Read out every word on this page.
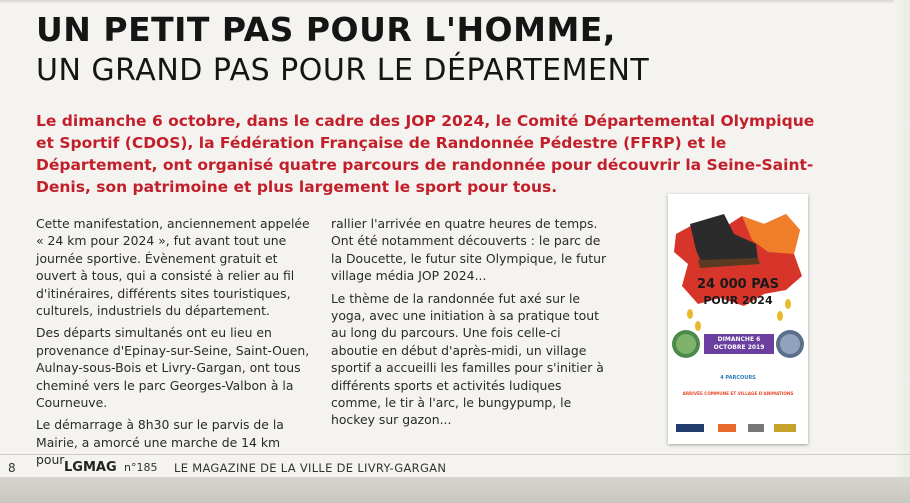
UN PETIT PAS POUR L'HOMME,
UN GRAND PAS POUR LE DÉPARTEMENT
Le dimanche 6 octobre, dans le cadre des JOP 2024, le Comité Départemental Olympique et Sportif (CDOS), la Fédération Française de Randonnée Pédestre (FFRP) et le Département, ont organisé quatre parcours de randonnée pour découvrir la Seine-Saint-Denis, son patrimoine et plus largement le sport pour tous.

Cette manifestation, anciennement appelée « 24 km pour 2024 », fut avant tout une journée sportive. Évènement gratuit et ouvert à tous, qui a consisté à relier au fil d'itinéraires, différents sites touristiques, culturels, industriels du département.

Des départs simultanés ont eu lieu en provenance d'Epinay-sur-Seine, Saint-Ouen, Aulnay-sous-Bois et Livry-Gargan, ont tous cheminé vers le parc Georges-Valbon à la Courneuve.

Le démarrage à 8h30 sur le parvis de la Mairie, a amorcé une marche de 14 km pour

rallier l'arrivée en quatre heures de temps. Ont été notamment découverts : le parc de la Doucette, le futur site Olympique, le futur village média JOP 2024...

Le thème de la randonnée fut axé sur le yoga, avec une initiation à sa pratique tout au long du parcours. Une fois celle-ci aboutie en début d'après-midi, un village sportif a accueilli les familles pour s'initier à différents sports et activités ludiques comme, le tir à l'arc, le bungypump, le hockey sur gazon...

24 000 PAS
POUR 2024
DIMANCHE 6 OCTOBRE 2019
4 PARCOURS
ARRIVÉE COMMUNE ET VILLAGE D'ANIMATIONS
8	LGMAG n°185 LE MAGAZINE DE LA VILLE DE LIVRY-GARGAN
